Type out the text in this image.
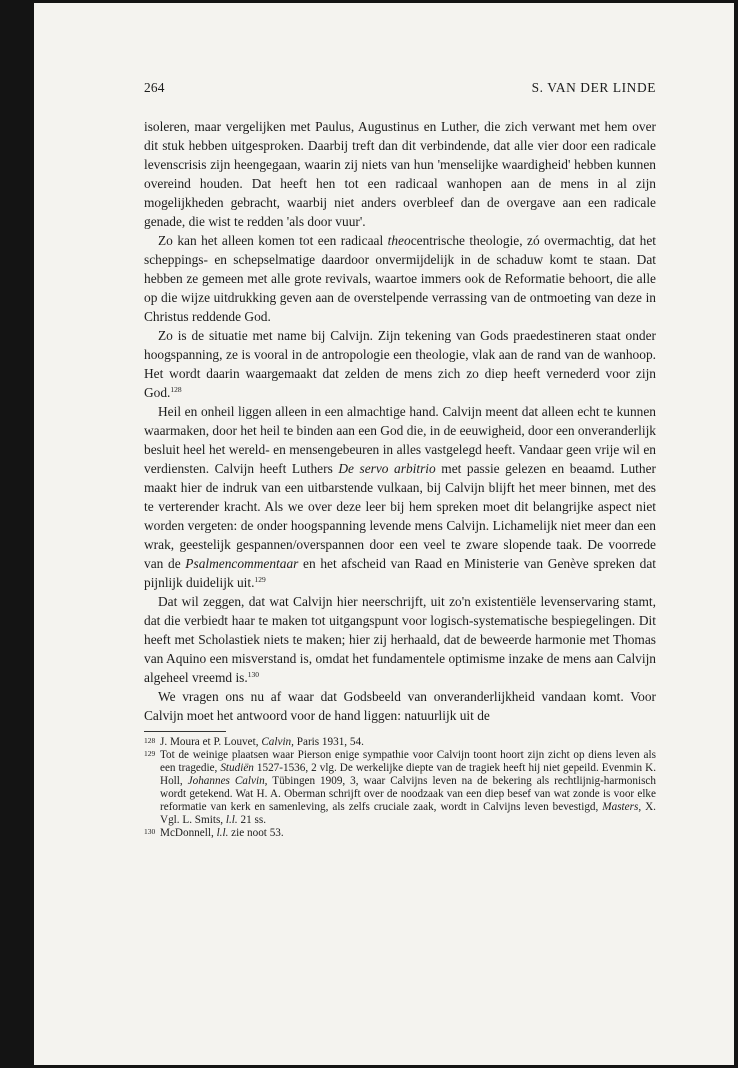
264	S. VAN DER LINDE

isoleren, maar vergelijken met Paulus, Augustinus en Luther, die zich verwant met hem over dit stuk hebben uitgesproken. Daarbij treft dan dit verbindende, dat alle vier door een radicale levenscrisis zijn heengegaan, waarin zij niets van hun 'menselijke waardigheid' hebben kunnen overeind houden. Dat heeft hen tot een radicaal wanhopen aan de mens in al zijn mogelijkheden gebracht, waarbij niet anders overbleef dan de overgave aan een radicale genade, die wist te redden 'als door vuur'.

Zo kan het alleen komen tot een radicaal theocentrische theologie, zó overmachtig, dat het scheppings- en schepselmatige daardoor onvermijdelijk in de schaduw komt te staan. Dat hebben ze gemeen met alle grote revivals, waartoe immers ook de Reformatie behoort, die alle op die wijze uitdrukking geven aan de overstelpende verrassing van de ontmoeting van deze in Christus reddende God.

Zo is de situatie met name bij Calvijn. Zijn tekening van Gods praedestineren staat onder hoogspanning, ze is vooral in de antropologie een theologie, vlak aan de rand van de wanhoop. Het wordt daarin waargemaakt dat zelden de mens zich zo diep heeft vernederd voor zijn God.$^{128}$

Heil en onheil liggen alleen in een almachtige hand. Calvijn meent dat alleen echt te kunnen waarmaken, door het heil te binden aan een God die, in de eeuwigheid, door een onveranderlijk besluit heel het wereld- en mensengebeuren in alles vastgelegd heeft. Vandaar geen vrije wil en verdiensten. Calvijn heeft Luthers De servo arbitrio met passie gelezen en beaamd. Luther maakt hier de indruk van een uitbarstende vulkaan, bij Calvijn blijft het meer binnen, met des te verterender kracht. Als we over deze leer bij hem spreken moet dit belangrijke aspect niet worden vergeten: de onder hoogspanning levende mens Calvijn. Lichamelijk niet meer dan een wrak, geestelijk gespannen/overspannen door een veel te zware slopende taak. De voorrede van de Psalmencommentaar en het afscheid van Raad en Ministerie van Genève spreken dat pijnlijk duidelijk uit.$^{129}$

Dat wil zeggen, dat wat Calvijn hier neerschrijft, uit zo'n existentiële levenservaring stamt, dat die verbiedt haar te maken tot uitgangspunt voor logisch-systematische bespiegelingen. Dit heeft met Scholastiek niets te maken; hier zij herhaald, dat de beweerde harmonie met Thomas van Aquino een misverstand is, omdat het fundamentele optimisme inzake de mens aan Calvijn algeheel vreemd is.$^{130}$

We vragen ons nu af waar dat Godsbeeld van onveranderlijkheid vandaan komt. Voor Calvijn moet het antwoord voor de hand liggen: natuurlijk uit de

128 J. Moura et P. Louvet, Calvin, Paris 1931, 54.
129 Tot de weinige plaatsen waar Pierson enige sympathie voor Calvijn toont hoort zijn zicht op diens leven als een tragedie, Studiën 1527-1536, 2 vlg. De werkelijke diepte van de tragiek heeft hij niet gepeild. Evenmin K. Holl, Johannes Calvin, Tübingen 1909, 3, waar Calvijns leven na de bekering als rechtlijnig-harmonisch wordt getekend. Wat H. A. Oberman schrijft over de noodzaak van een diep besef van wat zonde is voor elke reformatie van kerk en samenleving, als zelfs cruciale zaak, wordt in Calvijns leven bevestigd, Masters, X. Vgl. L. Smits, l.l. 21 ss.
130 McDonnell, l.l. zie noot 53.
